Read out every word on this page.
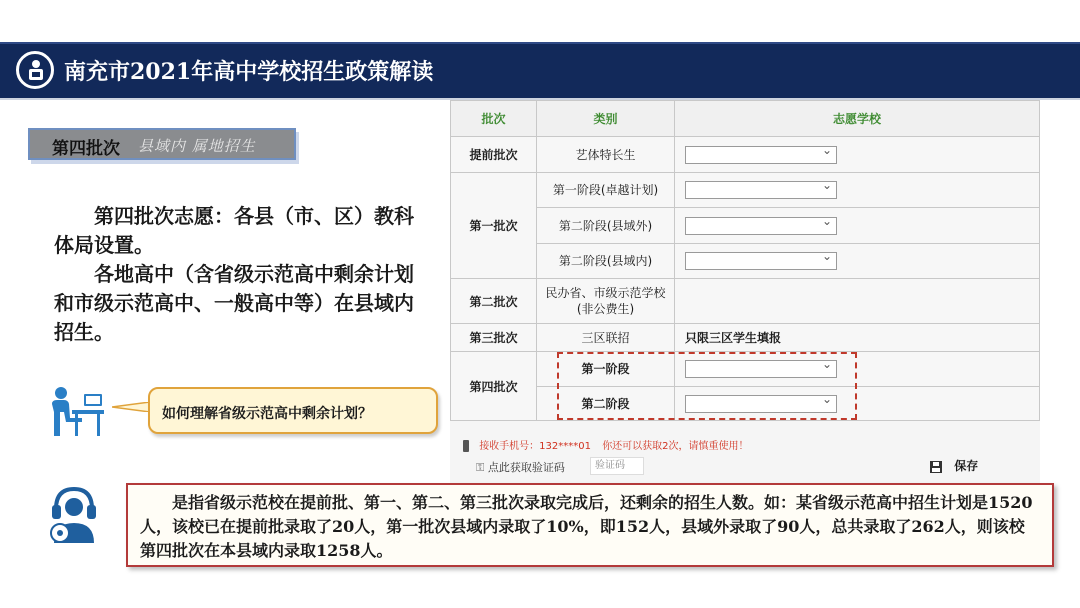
南充市2021年高中学校招生政策解读
第四批次 县域内 属地招生

第四批次志愿：各县（市、区）教科体局设置。

各地高中（含省级示范高中剩余计划和市级示范高中、一般高中等）在县域内招生。

如何理解省级示范高中剩余计划？
批次	类别	志愿学校
提前批次	艺体特长生	⌄
第一批次	第一阶段(卓越计划)	⌄
	第二阶段(县域外)	⌄
	第二阶段(县域内)	⌄
第二批次	民办省、市级示范学校
(非公费生)	

第三批次	三区联招	只限三区学生填报
第四批次	第一阶段	⌄
	第二阶段	⌄
接收手机号：132****01 你还可以获取2次，请慎重使用！
⚿ 点此获取验证码	验证码	保存

是指省级示范校在提前批、第一、第二、第三批次录取完成后，还剩余的招生人数。如：某省级示范高中招生计划是1520人，该校已在提前批录取了20人，第一批次县域内录取了10%，即152人，县域外录取了90人，总共录取了262人，则该校第四批次在本县域内录取1258人。
